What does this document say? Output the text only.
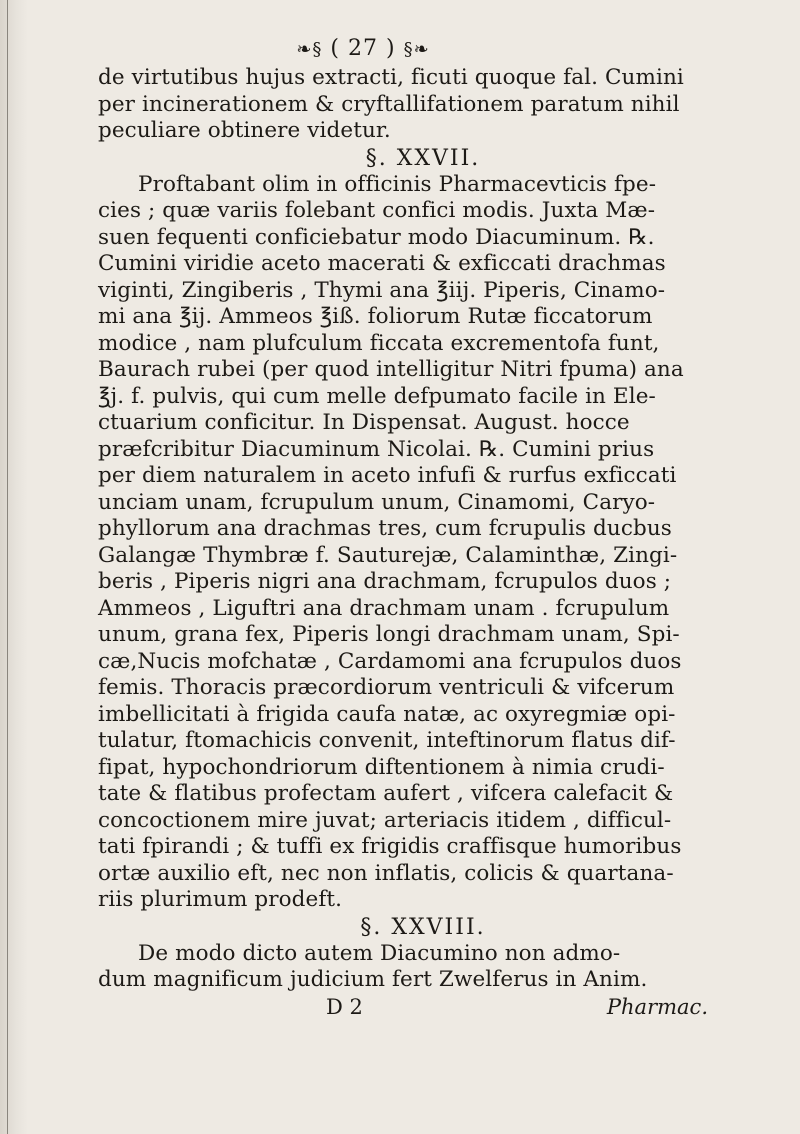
❧§ ( 27 ) §❧
de virtutibus hujus extracti, ficuti quoque fal. Cumini
per incinerationem & cryftallifationem paratum nihil
peculiare obtinere videtur.
§. XXVII.
Proftabant olim in officinis Pharmacevticis fpe-
cies ; quæ variis folebant confici modis. Juxta Mæ-
suen fequenti conficiebatur modo Diacuminum. ℞.
Cumini viridie aceto macerati & exficcati drachmas
viginti, Zingiberis , Thymi ana ℥iij. Piperis, Cinamo-
mi ana ℥ij. Ammeos ℥iß. foliorum Rutæ ficcatorum
modice , nam plufculum ficcata excrementofa funt,
Baurach rubei (per quod intelligitur Nitri fpuma) ana
℥j. f. pulvis, qui cum melle defpumato facile in Ele-
ctuarium conficitur. In Dispensat. August. hocce
præfcribitur Diacuminum Nicolai. ℞. Cumini prius
per diem naturalem in aceto infufi & rurfus exficcati
unciam unam, fcrupulum unum, Cinamomi, Caryo-
phyllorum ana drachmas tres, cum fcrupulis ducbus
Galangæ Thymbræ f. Sauturejæ, Calaminthæ, Zingi-
beris , Piperis nigri ana drachmam, fcrupulos duos ;
Ammeos , Liguftri ana drachmam unam . fcrupulum
unum, grana fex, Piperis longi drachmam unam, Spi-
cæ,Nucis mofchatæ , Cardamomi ana fcrupulos duos
femis. Thoracis præcordiorum ventriculi & vifcerum
imbellicitati à frigida caufa natæ, ac oxyregmiæ opi-
tulatur, ftomachicis convenit, inteftinorum flatus dif-
fipat, hypochondriorum diftentionem à nimia crudi-
tate & flatibus profectam aufert , vifcera calefacit &
concoctionem mire juvat; arteriacis itidem , difficul-
tati fpirandi ; & tuffi ex frigidis craffisque humoribus
ortæ auxilio eft, nec non inflatis, colicis & quartana-
riis plurimum prodeft.
§. XXVIII.
De modo dicto autem Diacumino non admo-
dum magnificum judicium fert Zwelferus in Anim.
D 2	Pharmac.
